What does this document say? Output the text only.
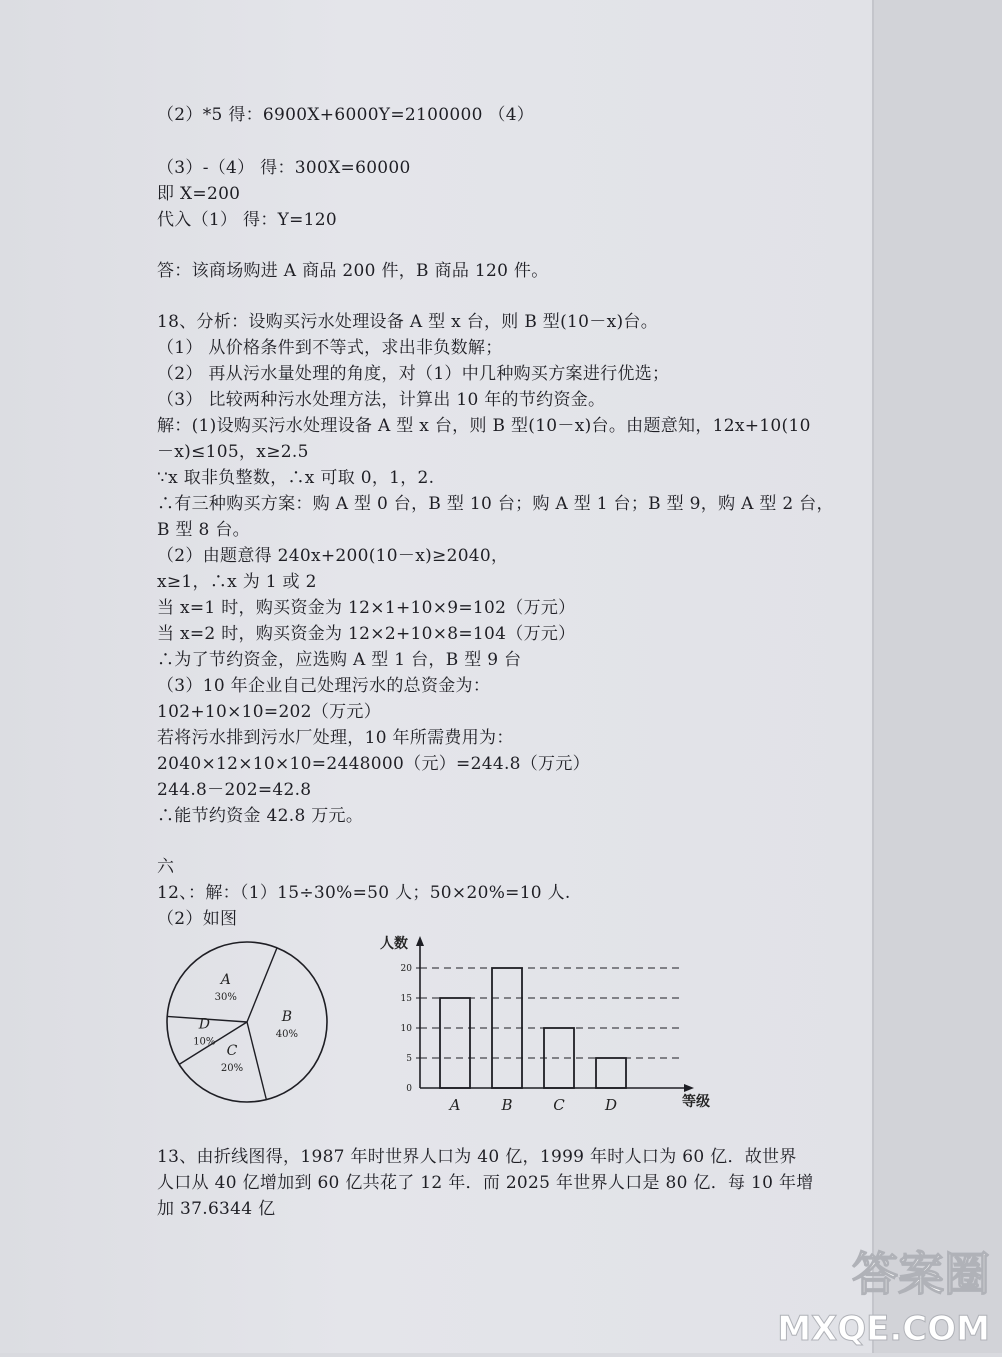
（2）*5 得：6900X+6000Y=2100000 （4）
（3）-（4） 得：300X=60000
即 X=200
代入（1） 得：Y=120
答：该商场购进 A 商品 200 件，B 商品 120 件。
18、分析：设购买污水处理设备 A 型 x 台，则 B 型(10－x)台。
（1） 从价格条件到不等式，求出非负数解；
（2） 再从污水量处理的角度，对（1）中几种购买方案进行优选；
（3） 比较两种污水处理方法，计算出 10 年的节约资金。
解：(1)设购买污水处理设备 A 型 x 台，则 B 型(10－x)台。由题意知，12x+10(10
－x)≤105，x≥2.5
∵x 取非负整数，∴x 可取 0，1，2.
∴有三种购买方案：购 A 型 0 台，B 型 10 台；购 A 型 1 台；B 型 9，购 A 型 2 台，
B 型 8 台。
（2）由题意得 240x+200(10－x)≥2040，
x≥1，∴x 为 1 或 2
当 x=1 时，购买资金为 12×1+10×9=102（万元）
当 x=2 时，购买资金为 12×2+10×8=104（万元）
∴为了节约资金，应选购 A 型 1 台，B 型 9 台
（3）10 年企业自己处理污水的总资金为：
102+10×10=202（万元）
若将污水排到污水厂处理，10 年所需费用为：
2040×12×10×10=2448000（元）=244.8（万元）
244.8－202=42.8
∴能节约资金 42.8 万元。
六
12、：解：（1）15÷30%=50 人；50×20%=10 人.
（2）如图
13、由折线图得，1987 年时世界人口为 40 亿，1999 年时人口为 60 亿．故世界
人口从 40 亿增加到 60 亿共花了 12 年．而 2025 年世界人口是 80 亿．每 10 年增
加 37.6344 亿
A
30%
B
40%
C
20%
D
10%
人数
等级
0
5
10
15
20
A	B	C	D
答案圈
MXQE.COM
